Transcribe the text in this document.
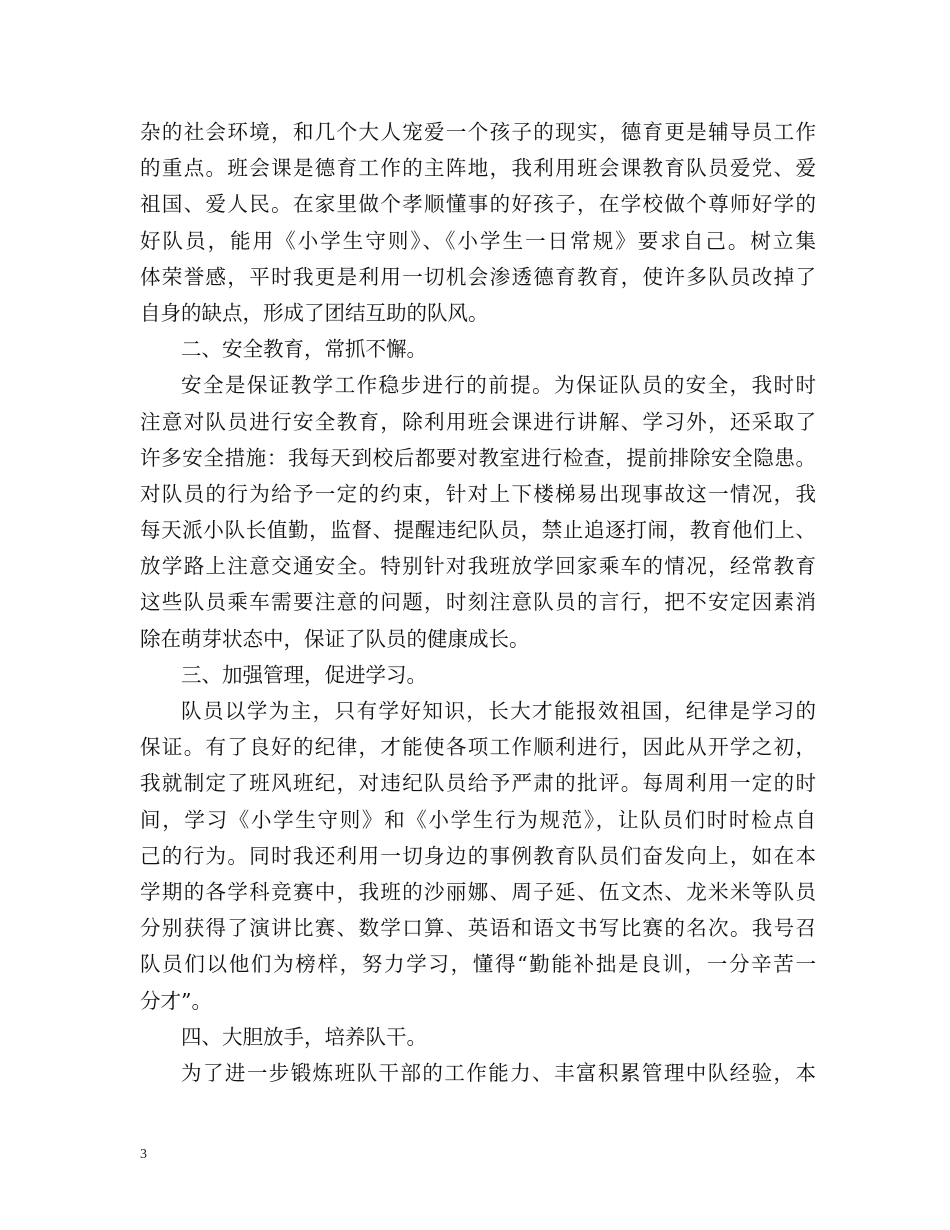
杂的社会环境，和几个大人宠爱一个孩子的现实，德育更是辅导员工作
的重点。班会课是德育工作的主阵地，我利用班会课教育队员爱党、爱
祖国、爱人民。在家里做个孝顺懂事的好孩子，在学校做个尊师好学的
好队员，能用《小学生守则》、《小学生一日常规》要求自己。树立集
体荣誉感，平时我更是利用一切机会渗透德育教育，使许多队员改掉了
自身的缺点，形成了团结互助的队风。
二、安全教育，常抓不懈。
安全是保证教学工作稳步进行的前提。为保证队员的安全，我时时
注意对队员进行安全教育，除利用班会课进行讲解、学习外，还采取了
许多安全措施：我每天到校后都要对教室进行检查，提前排除安全隐患。
对队员的行为给予一定的约束，针对上下楼梯易出现事故这一情况，我
每天派小队长值勤，监督、提醒违纪队员，禁止追逐打闹，教育他们上、
放学路上注意交通安全。特别针对我班放学回家乘车的情况，经常教育
这些队员乘车需要注意的问题，时刻注意队员的言行，把不安定因素消
除在萌芽状态中，保证了队员的健康成长。
三、加强管理，促进学习。
队员以学为主，只有学好知识，长大才能报效祖国，纪律是学习的
保证。有了良好的纪律，才能使各项工作顺利进行，因此从开学之初，
我就制定了班风班纪，对违纪队员给予严肃的批评。每周利用一定的时
间，学习《小学生守则》和《小学生行为规范》，让队员们时时检点自
己的行为。同时我还利用一切身边的事例教育队员们奋发向上，如在本
学期的各学科竞赛中，我班的沙丽娜、周子延、伍文杰、龙米米等队员
分别获得了演讲比赛、数学口算、英语和语文书写比赛的名次。我号召
队员们以他们为榜样，努力学习，懂得“勤能补拙是良训，一分辛苦一
分才”。
四、大胆放手，培养队干。
为了进一步锻炼班队干部的工作能力、丰富积累管理中队经验，本
3
